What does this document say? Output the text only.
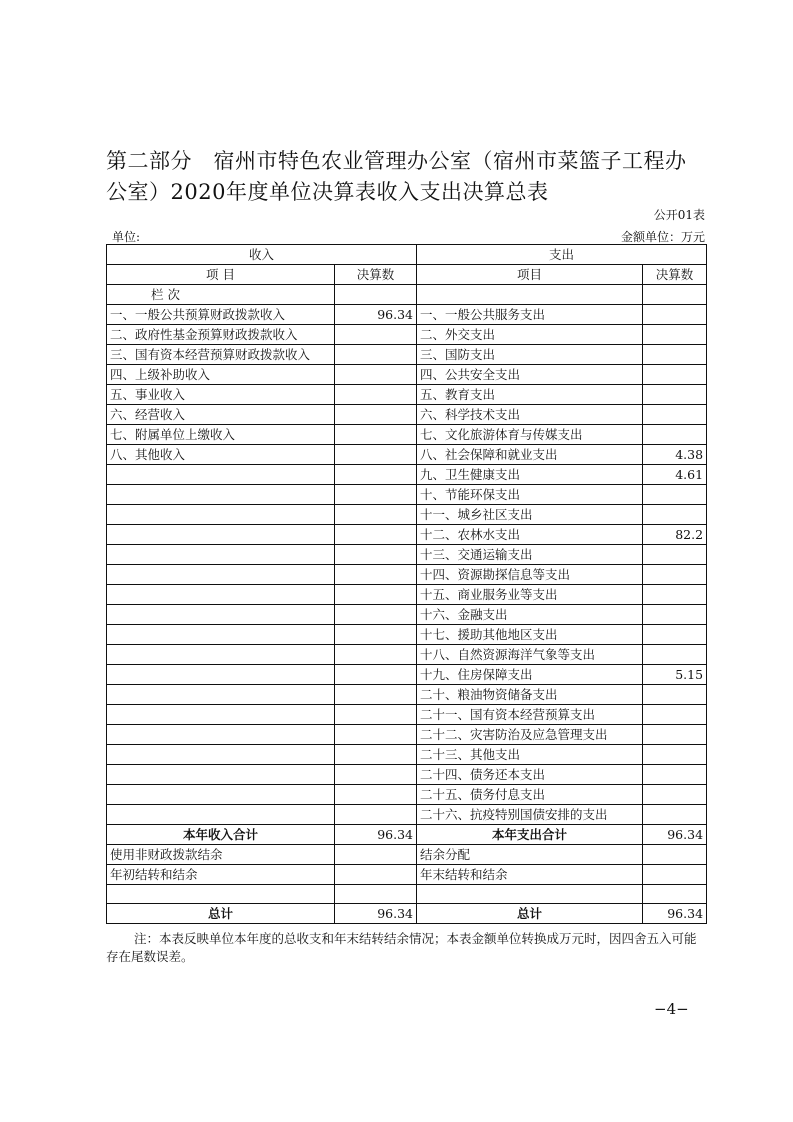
第二部分　宿州市特色农业管理办公室（宿州市菜篮子工程办公室）2020年度单位决算表收入支出决算总表
公开01表
单位:	金额单位：万元
收入		支出	
项 目	决算数	项目	决算数
栏 次			
一、一般公共预算财政拨款收入	96.34	一、一般公共服务支出	
二、政府性基金预算财政拨款收入		二、外交支出	
三、国有资本经营预算财政拨款收入		三、国防支出	
四、上级补助收入		四、公共安全支出	
五、事业收入		五、教育支出	
六、经营收入		六、科学技术支出	
七、附属单位上缴收入		七、文化旅游体育与传媒支出	
八、其他收入		八、社会保障和就业支出	4.38
		九、卫生健康支出	4.61
		十、节能环保支出	
		十一、城乡社区支出	
		十二、农林水支出	82.2
		十三、交通运输支出	
		十四、资源勘探信息等支出	
		十五、商业服务业等支出	
		十六、金融支出	
		十七、援助其他地区支出	
		十八、自然资源海洋气象等支出	
		十九、住房保障支出	5.15
		二十、粮油物资储备支出	
		二十一、国有资本经营预算支出	
		二十二、灾害防治及应急管理支出	
		二十三、其他支出	
		二十四、债务还本支出	
		二十五、债务付息支出	
		二十六、抗疫特别国债安排的支出	
本年收入合计	96.34	本年支出合计	96.34
使用非财政拨款结余		结余分配	
年初结转和结余		年末结转和结余	

总计	96.34	总计	96.34
注：本表反映单位本年度的总收支和年末结转结余情况；本表金额单位转换成万元时，因四舍五入可能存在尾数误差。
−4−
